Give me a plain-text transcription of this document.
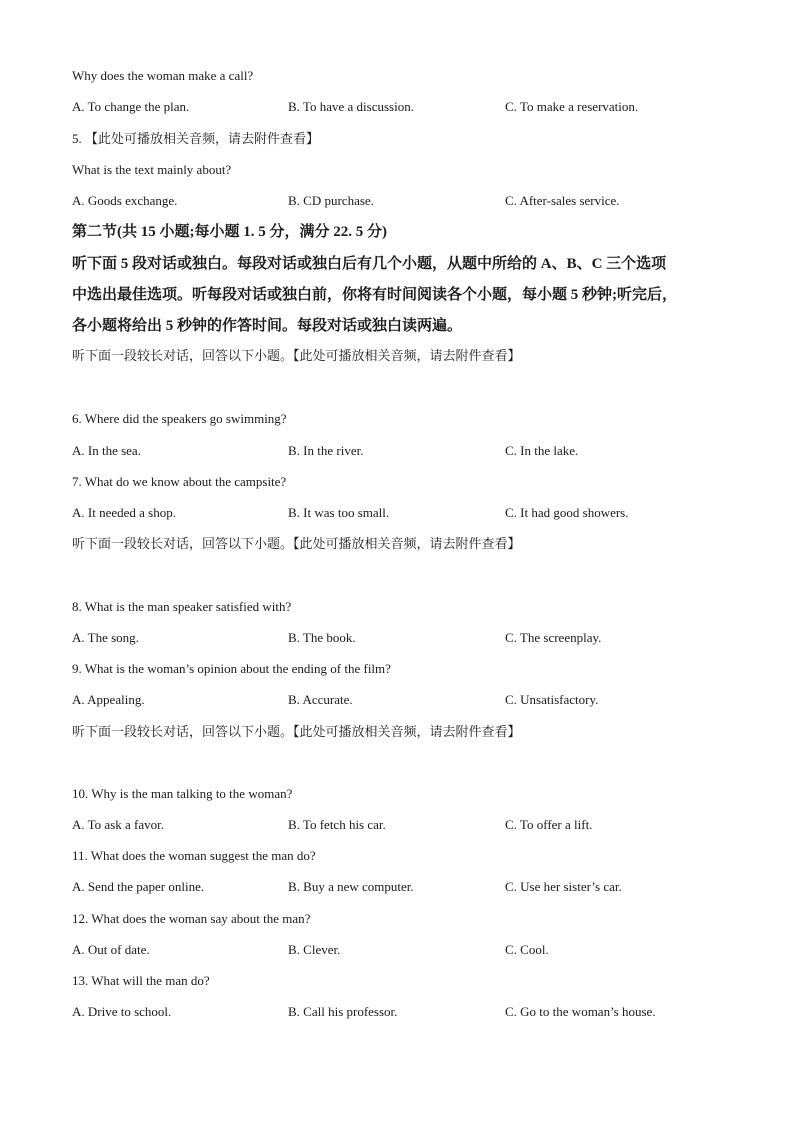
Why does the woman make a call?
A. To change the plan.	B. To have a discussion.	C. To make a reservation.
5. 【此处可播放相关音频，请去附件查看】
What is the text mainly about?
A. Goods exchange.	B. CD purchase.	C. After-sales service.
第二节(共 15 小题;每小题 1. 5 分，满分 22. 5 分)
听下面 5 段对话或独白。每段对话或独白后有几个小题，从题中所给的 A、B、C 三个选项
中选出最佳选项。听每段对话或独白前，你将有时间阅读各个小题，每小题 5 秒钟;听完后，
各小题将给出 5 秒钟的作答时间。每段对话或独白读两遍。
听下面一段较长对话，回答以下小题。【此处可播放相关音频，请去附件查看】
6. Where did the speakers go swimming?
A. In the sea.	B. In the river.	C. In the lake.
7. What do we know about the campsite?
A. It needed a shop.	B. It was too small.	C. It had good showers.
听下面一段较长对话，回答以下小题。【此处可播放相关音频，请去附件查看】
8. What is the man speaker satisfied with?
A. The song.	B. The book.	C. The screenplay.
9. What is the woman’s opinion about the ending of the film?
A. Appealing.	B. Accurate.	C. Unsatisfactory.
听下面一段较长对话，回答以下小题。【此处可播放相关音频，请去附件查看】
10. Why is the man talking to the woman?
A. To ask a favor.	B. To fetch his car.	C. To offer a lift.
11. What does the woman suggest the man do?
A. Send the paper online.	B. Buy a new computer.	C. Use her sister’s car.
12. What does the woman say about the man?
A. Out of date.	B. Clever.	C. Cool.
13. What will the man do?
A. Drive to school.	B. Call his professor.	C. Go to the woman’s house.
